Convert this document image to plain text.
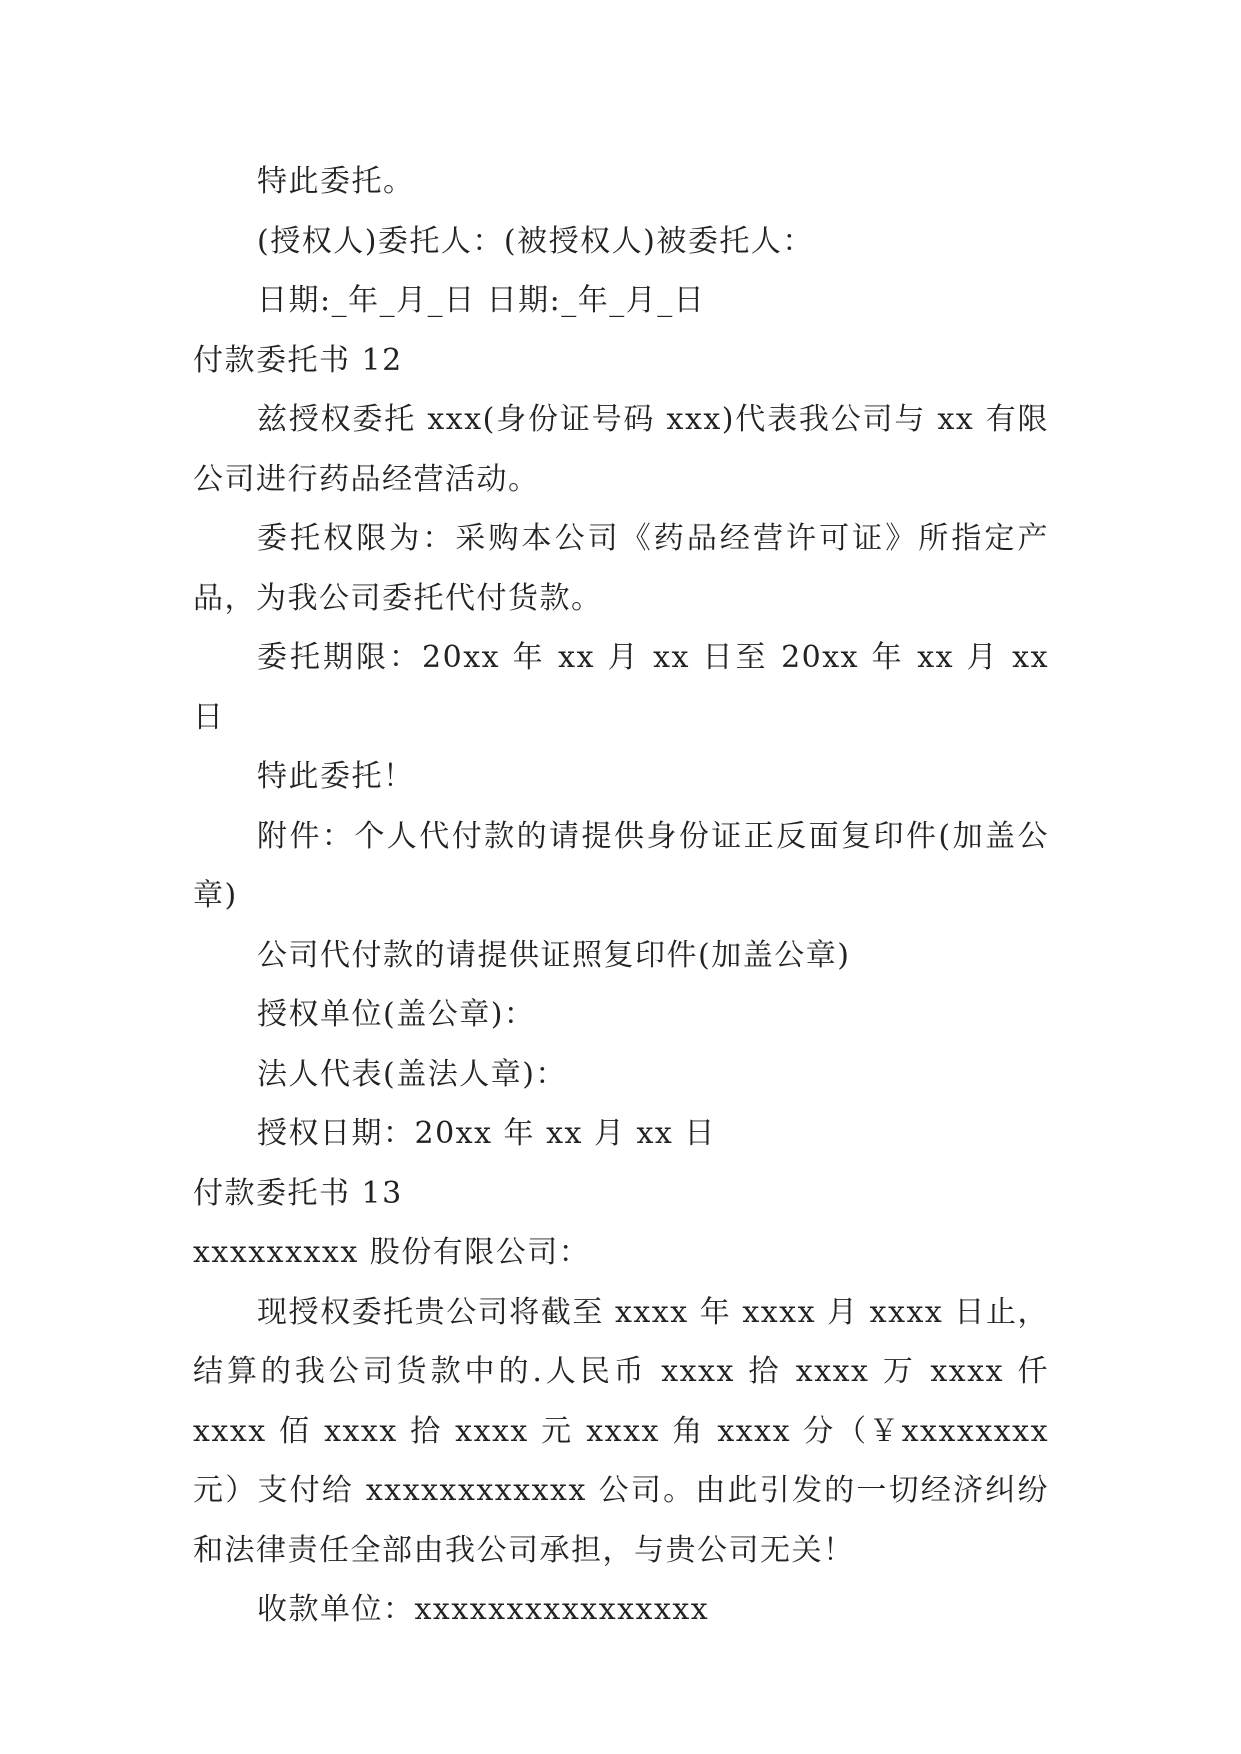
特此委托。

(授权人)委托人：(被授权人)被委托人：

日期:_年_月_日 日期:_年_月_日

付款委托书 12

兹授权委托 xxx(身份证号码 xxx)代表我公司与 xx 有限公司进行药品经营活动。

委托权限为：采购本公司《药品经营许可证》所指定产品，为我公司委托代付货款。

委托期限：20xx 年 xx 月 xx 日至 20xx 年 xx 月 xx 日

特此委托！

附件：个人代付款的请提供身份证正反面复印件(加盖公章)

公司代付款的请提供证照复印件(加盖公章)

授权单位(盖公章)：

法人代表(盖法人章)：

授权日期：20xx 年 xx 月 xx 日

付款委托书 13

xxxxxxxxx 股份有限公司：

现授权委托贵公司将截至 xxxx 年 xxxx 月 xxxx 日止，结算的我公司货款中的.人民币 xxxx 拾 xxxx 万 xxxx 仟 xxxx 佰 xxxx 拾 xxxx 元 xxxx 角 xxxx 分（￥xxxxxxxx 元）支付给 xxxxxxxxxxxx 公司。由此引发的一切经济纠纷和法律责任全部由我公司承担，与贵公司无关！

收款单位：xxxxxxxxxxxxxxxx
